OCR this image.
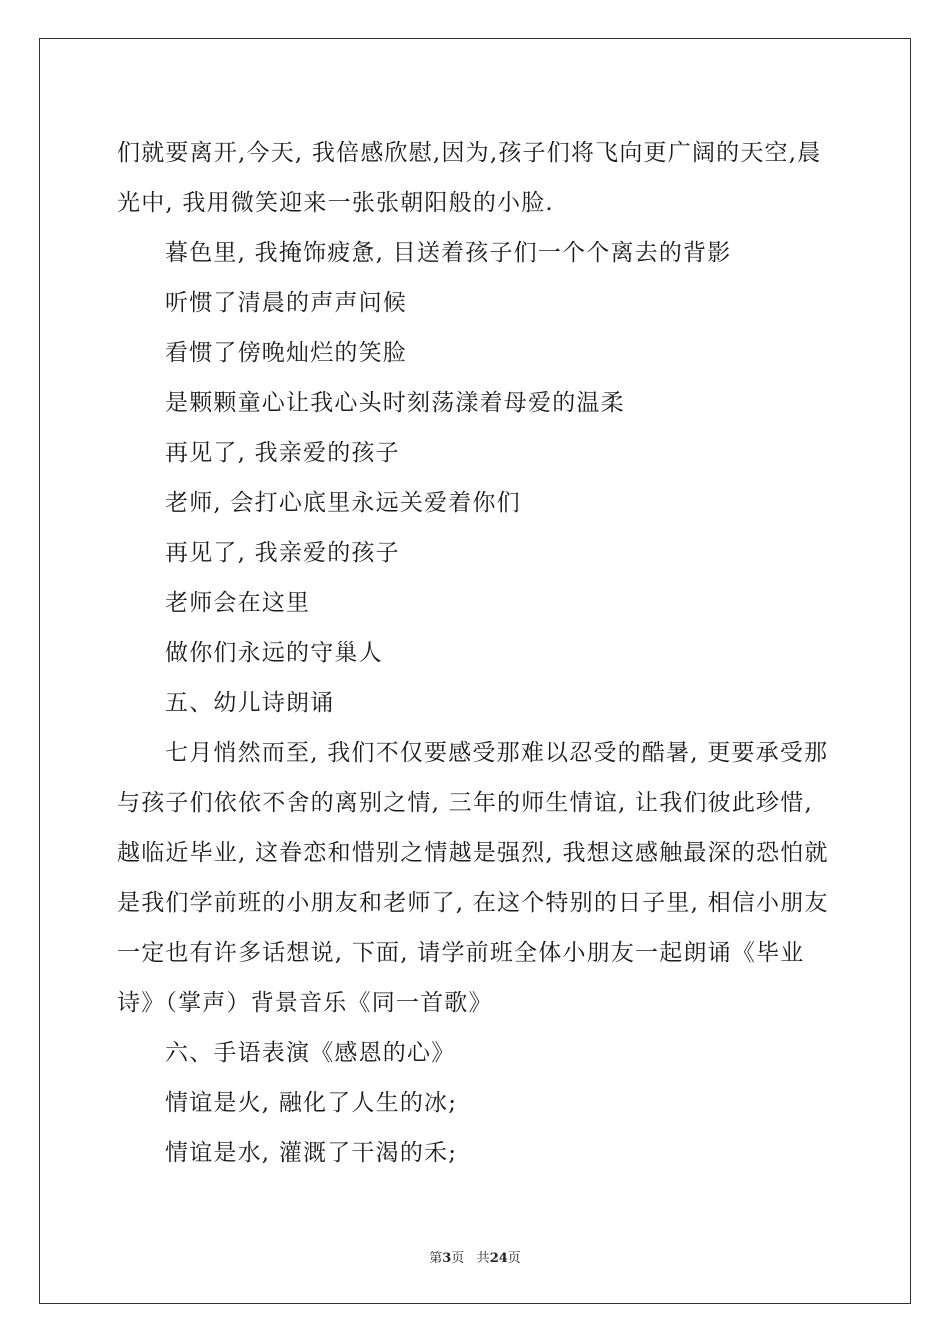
们就要离开,今天, 我倍感欣慰,因为,孩子们将飞向更广阔的天空,晨
光中, 我用微笑迎来一张张朝阳般的小脸.
暮色里, 我掩饰疲惫, 目送着孩子们一个个离去的背影
听惯了清晨的声声问候
看惯了傍晚灿烂的笑脸
是颗颗童心让我心头时刻荡漾着母爱的温柔
再见了, 我亲爱的孩子
老师, 会打心底里永远关爱着你们
再见了, 我亲爱的孩子
老师会在这里
做你们永远的守巢人
五、幼儿诗朗诵
七月悄然而至, 我们不仅要感受那难以忍受的酷暑, 更要承受那
与孩子们依依不舍的离别之情, 三年的师生情谊, 让我们彼此珍惜,
越临近毕业, 这眷恋和惜别之情越是强烈, 我想这感触最深的恐怕就
是我们学前班的小朋友和老师了, 在这个特别的日子里, 相信小朋友
一定也有许多话想说, 下面, 请学前班全体小朋友一起朗诵《毕业
诗》（掌声）背景音乐《同一首歌》
六、手语表演《感恩的心》
情谊是火, 融化了人生的冰;
情谊是水, 灌溉了干渴的禾;
第3页 共24页
